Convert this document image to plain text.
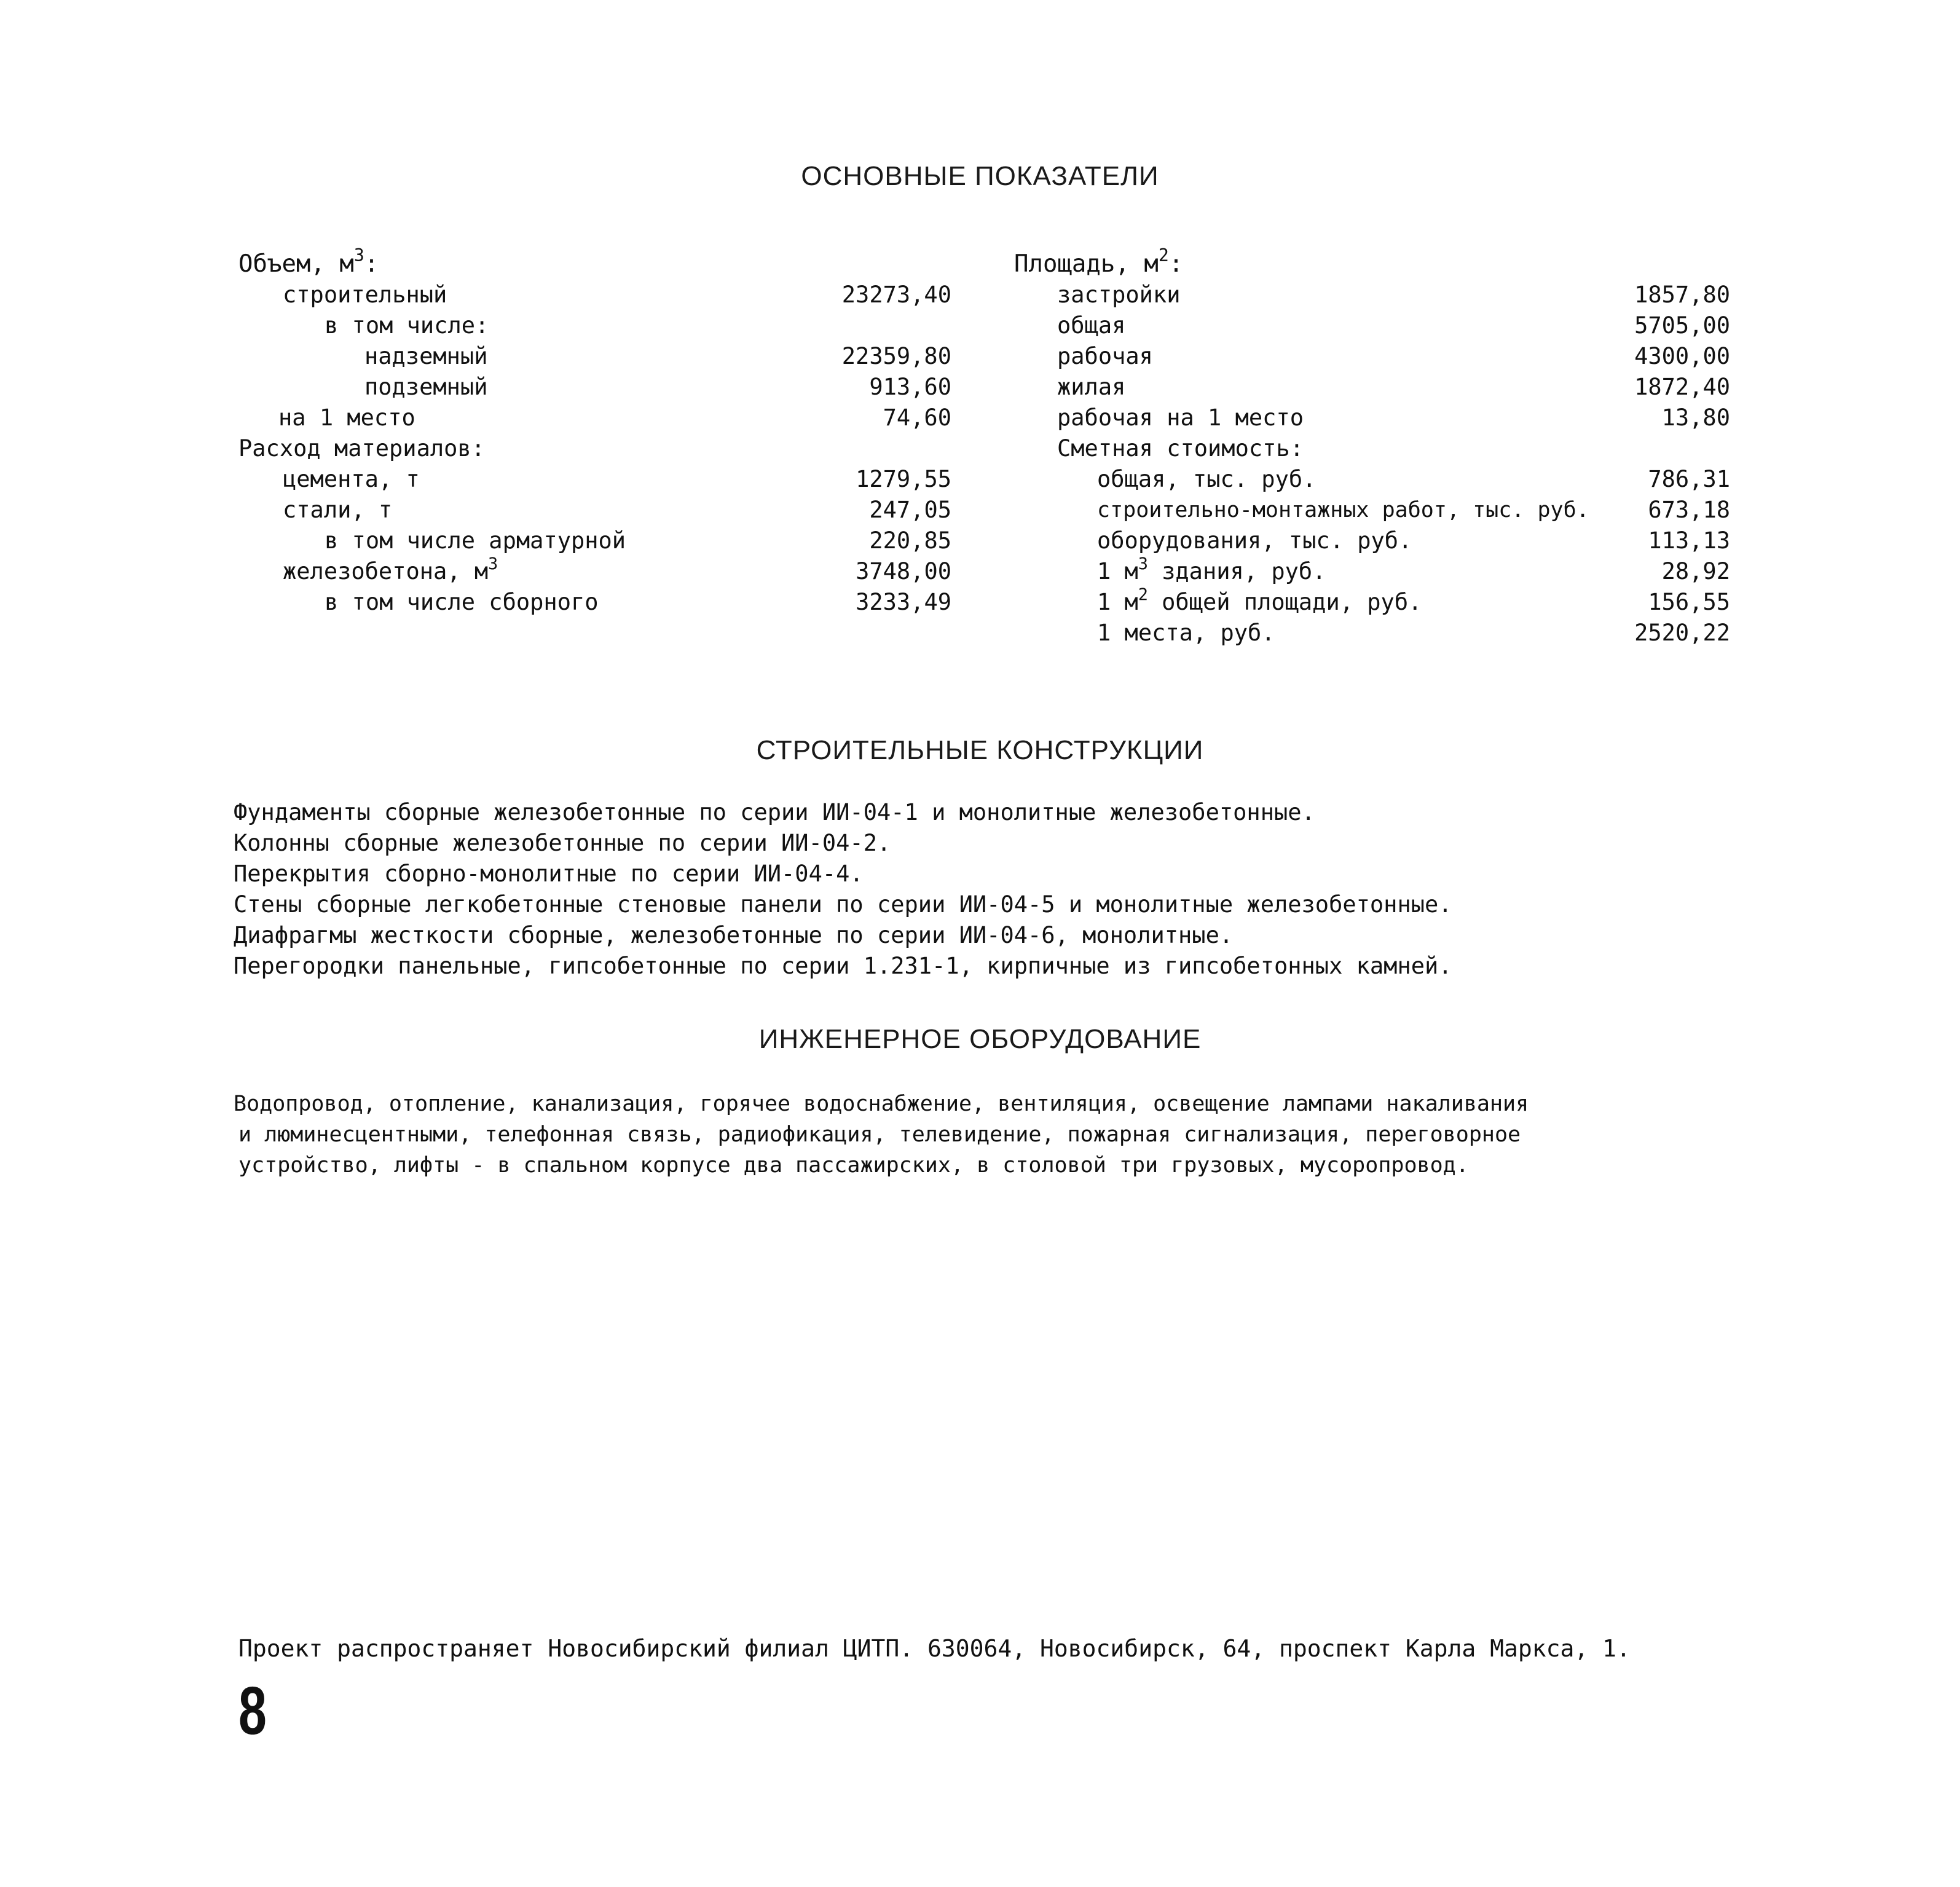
ОСНОВНЫЕ ПОКАЗАТЕЛИ
Объем, $м^3$:
строительный	23273,40
в том числе:
надземный	22359,80
подземный	913,60
на 1 место	74,60
Расход материалов:
цемента, т	1279,55
стали, т	247,05
в том числе арматурной	220,85
железобетона, $м^3$	3748,00
в том числе сборного	3233,49
Площадь, $м^2$:
застройки	1857,80
общая	5705,00
рабочая	4300,00
жилая	1872,40
рабочая на 1 место	13,80
Сметная стоимость:
общая, тыс. руб.	786,31
строительно-монтажных работ, тыс. руб.	673,18
оборудования, тыс. руб.	113,13
1 $м^3$ здания, руб.	28,92
1 $м^2$ общей площади, руб.	156,55
1 места, руб.	2520,22
СТРОИТЕЛЬНЫЕ КОНСТРУКЦИИ
Фундаменты сборные железобетонные по серии ИИ-04-1 и монолитные железобетонные.
Колонны сборные железобетонные по серии ИИ-04-2.
Перекрытия сборно-монолитные по серии ИИ-04-4.
Стены сборные легкобетонные стеновые панели по серии ИИ-04-5 и монолитные железобетонные.
Диафрагмы жесткости сборные, железобетонные по серии ИИ-04-6, монолитные.
Перегородки панельные, гипсобетонные по серии 1.231-1, кирпичные из гипсобетонных камней.
ИНЖЕНЕРНОЕ ОБОРУДОВАНИЕ
Водопровод, отопление, канализация, горячее водоснабжение, вентиляция, освещение лампами накаливания
и люминесцентными, телефонная связь, радиофикация, телевидение, пожарная сигнализация, переговорное
устройство, лифты - в спальном корпусе два пассажирских, в столовой три грузовых, мусоропровод.
Проект распространяет Новосибирский филиал ЦИТП. 630064, Новосибирск, 64, проспект Карла Маркса, 1.
8
